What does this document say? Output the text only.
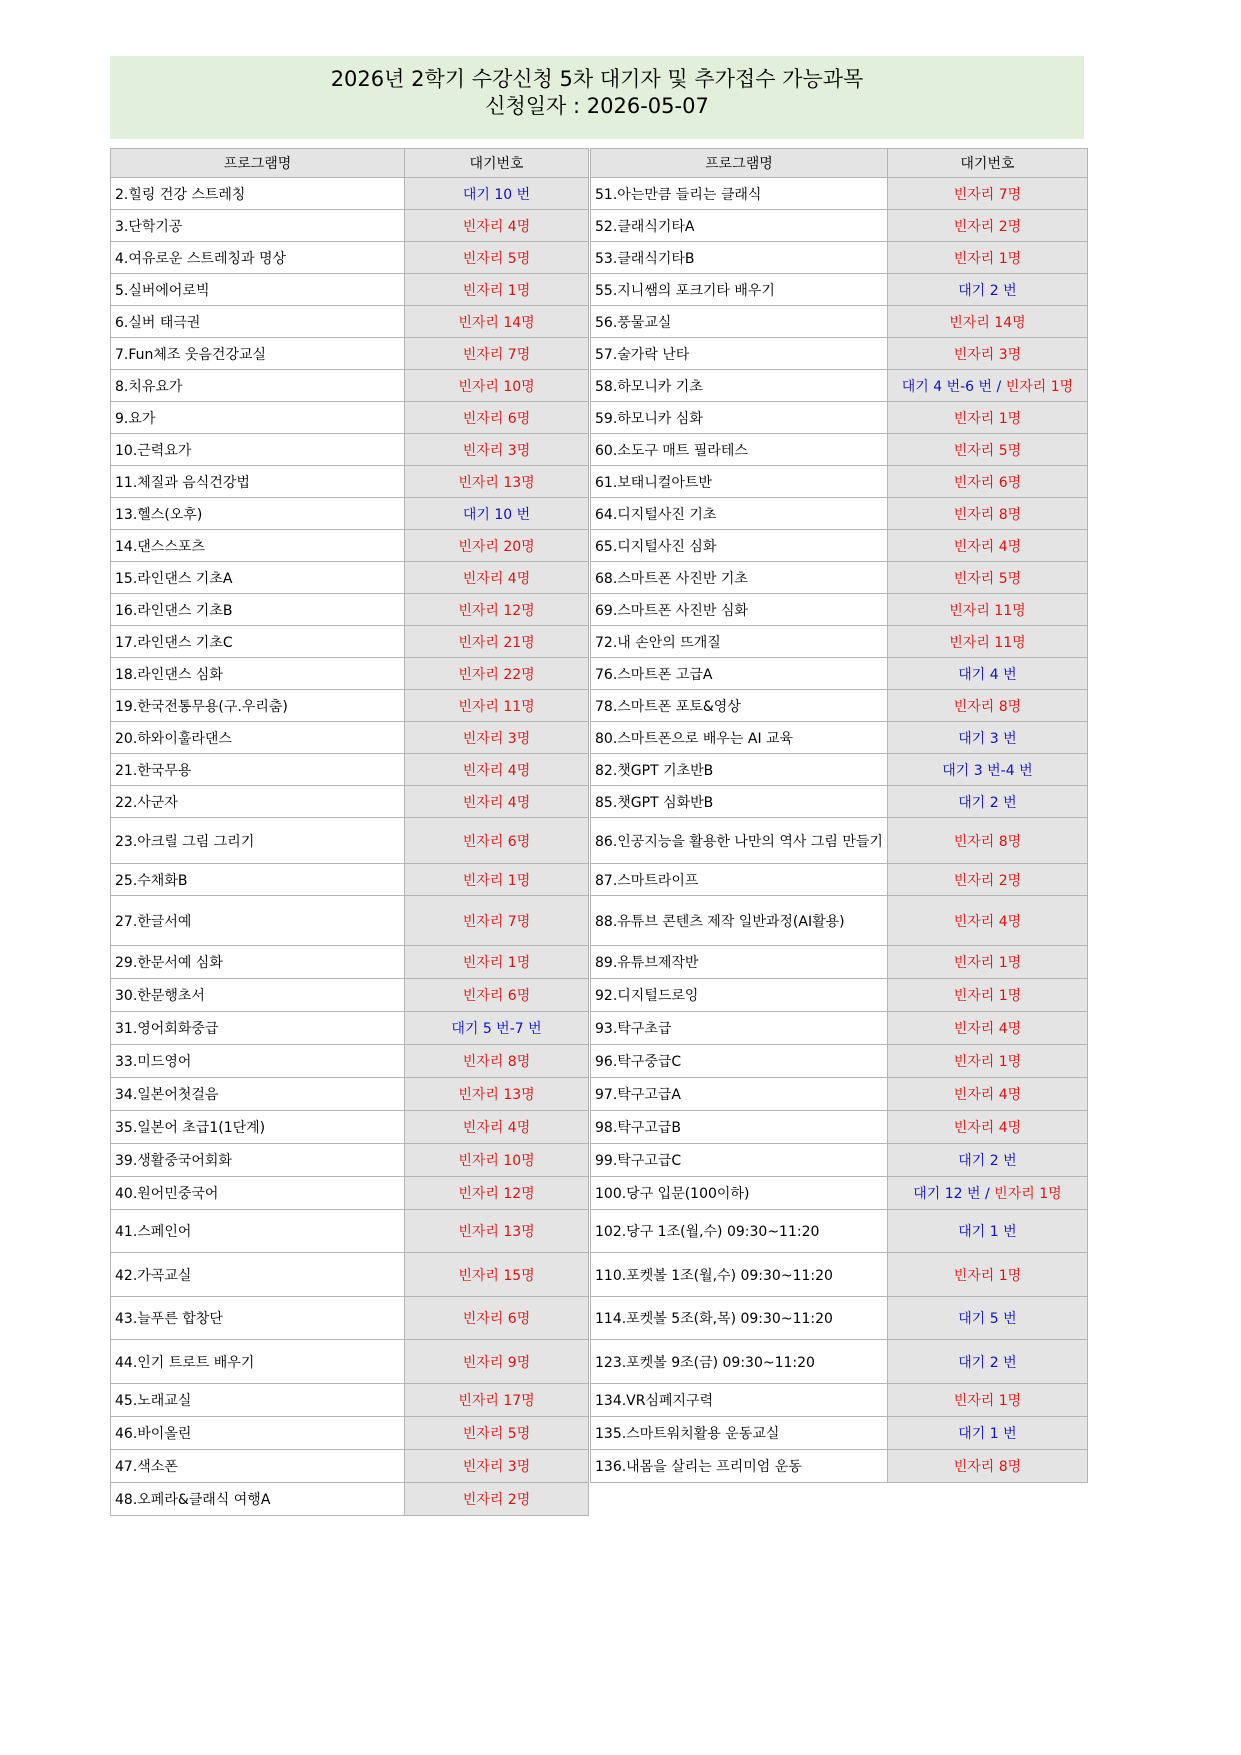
2026년 2학기 수강신청 5차 대기자 및 추가접수 가능과목
신청일자 : 2026-05-07
프로그램명	대기번호
2.힐링 건강 스트레칭	대기 10 번
3.단학기공	빈자리 4명
4.여유로운 스트레칭과 명상	빈자리 5명
5.실버에어로빅	빈자리 1명
6.실버 태극권	빈자리 14명
7.Fun체조 웃음건강교실	빈자리 7명
8.치유요가	빈자리 10명
9.요가	빈자리 6명
10.근력요가	빈자리 3명
11.체질과 음식건강법	빈자리 13명
13.헬스(오후)	대기 10 번
14.댄스스포츠	빈자리 20명
15.라인댄스 기초A	빈자리 4명
16.라인댄스 기초B	빈자리 12명
17.라인댄스 기초C	빈자리 21명
18.라인댄스 심화	빈자리 22명
19.한국전통무용(구.우리춤)	빈자리 11명
20.하와이훌라댄스	빈자리 3명
21.한국무용	빈자리 4명
22.사군자	빈자리 4명
23.아크릴 그림 그리기	빈자리 6명
25.수채화B	빈자리 1명
27.한글서예	빈자리 7명
29.한문서예 심화	빈자리 1명
30.한문행초서	빈자리 6명
31.영어회화중급	대기 5 번-7 번
33.미드영어	빈자리 8명
34.일본어첫걸음	빈자리 13명
35.일본어 초급1(1단계)	빈자리 4명
39.생활중국어회화	빈자리 10명
40.원어민중국어	빈자리 12명
41.스페인어	빈자리 13명
42.가곡교실	빈자리 15명
43.늘푸른 합창단	빈자리 6명
44.인기 트로트 배우기	빈자리 9명
45.노래교실	빈자리 17명
46.바이올린	빈자리 5명
47.색소폰	빈자리 3명
48.오페라&클래식 여행A	빈자리 2명
프로그램명	대기번호
51.아는만큼 들리는 클래식	빈자리 7명
52.클래식기타A	빈자리 2명
53.클래식기타B	빈자리 1명
55.지니쌤의 포크기타 배우기	대기 2 번
56.풍물교실	빈자리 14명
57.술가락 난타	빈자리 3명
58.하모니카 기초	대기 4 번-6 번 / 빈자리 1명
59.하모니카 심화	빈자리 1명
60.소도구 매트 필라테스	빈자리 5명
61.보태니컬아트반	빈자리 6명
64.디지털사진 기초	빈자리 8명
65.디지털사진 심화	빈자리 4명
68.스마트폰 사진반 기초	빈자리 5명
69.스마트폰 사진반 심화	빈자리 11명
72.내 손안의 뜨개질	빈자리 11명
76.스마트폰 고급A	대기 4 번
78.스마트폰 포토&영상	빈자리 8명
80.스마트폰으로 배우는 AI 교육	대기 3 번
82.챗GPT 기초반B	대기 3 번-4 번
85.챗GPT 심화반B	대기 2 번
86.인공지능을 활용한 나만의 역사 그림 만들기	빈자리 8명
87.스마트라이프	빈자리 2명
88.유튜브 콘텐츠 제작 일반과정(AI활용)	빈자리 4명
89.유튜브제작반	빈자리 1명
92.디지털드로잉	빈자리 1명
93.탁구초급	빈자리 4명
96.탁구중급C	빈자리 1명
97.탁구고급A	빈자리 4명
98.탁구고급B	빈자리 4명
99.탁구고급C	대기 2 번
100.당구 입문(100이하)	대기 12 번 / 빈자리 1명
102.당구 1조(월,수) 09:30~11:20	대기 1 번
110.포켓볼 1조(월,수) 09:30~11:20	빈자리 1명
114.포켓볼 5조(화,목) 09:30~11:20	대기 5 번
123.포켓볼 9조(금) 09:30~11:20	대기 2 번
134.VR심폐지구력	빈자리 1명
135.스마트워치활용 운동교실	대기 1 번
136.내몸을 살리는 프리미엄 운동	빈자리 8명
